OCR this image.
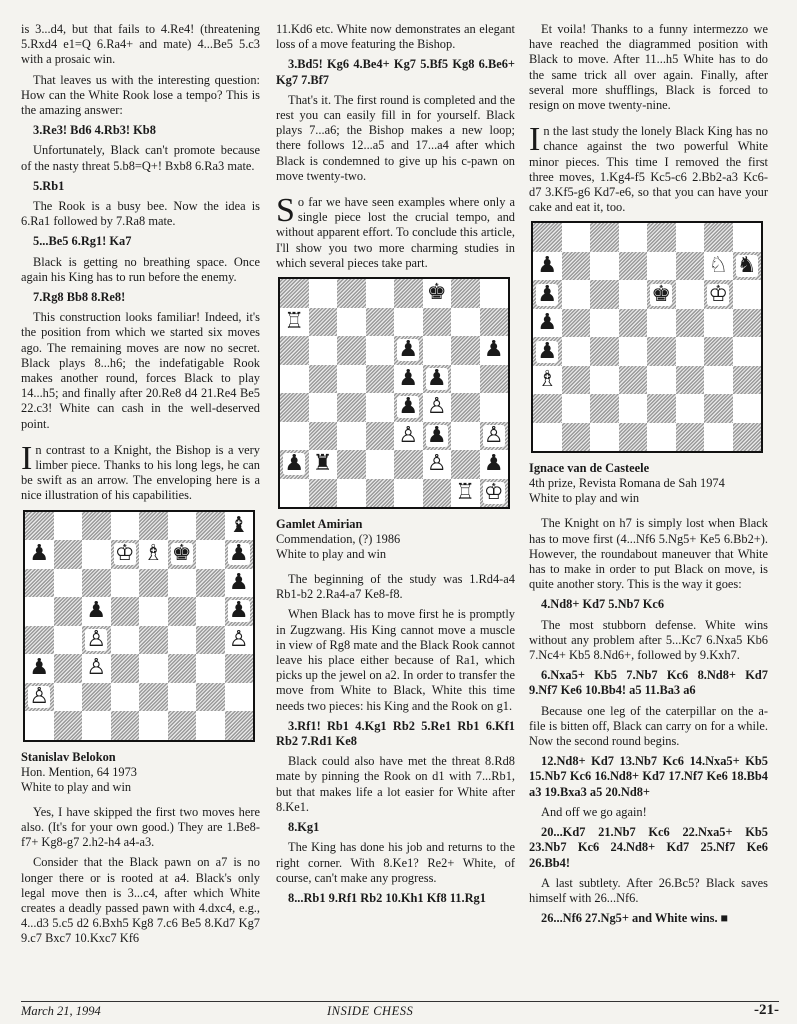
is 3...d4, but that fails to 4.Re4! (threatening 5.Rxd4 e1=Q 6.Ra4+ and mate) 4...Be5 5.c3 with a prosaic win.

That leaves us with the interesting question: How can the White Rook lose a tempo? This is the amazing answer:

3.Re3! Bd6 4.Rb3! Kb8

Unfortunately, Black can't promote because of the nasty threat 5.b8=Q+! Bxb8 6.Ra3 mate.

5.Rb1

The Rook is a busy bee. Now the idea is 6.Ra1 followed by 7.Ra8 mate.

5...Be5 6.Rg1! Ka7

Black is getting no breathing space. Once again his King has to run before the enemy.

7.Rg8 Bb8 8.Re8!

This construction looks familiar! Indeed, it's the position from which we started six moves ago. The remaining moves are now no secret. Black plays 8...h6; the indefatigable Rook makes another round, forces Black to play 14...h5; and finally after 20.Re8 d4 21.Re4 Be5 22.c3! White can cash in the well-deserved point.

In contrast to a Knight, the Bishop is a very limber piece. Thanks to his long legs, he can be swift as an arrow. The enveloping here is a nice illustration of his capabilities.

♝
♟	♔ ♗ ♚ ♟
♟
♟	♟
♙	♙
♟ ♙
♙
Stanislav Belokon
Hon. Mention, 64 1973
White to play and win

Yes, I have skipped the first two moves here also. (It's for your own good.) They are 1.Be8-f7+ Kg8-g7 2.h2-h4 a4-a3.

Consider that the Black pawn on a7 is no longer there or is rooted at a4. Black's only legal move then is 3...c4, after which White creates a deadly passed pawn with 4.dxc4, e.g., 4...d3 5.c5 d2 6.Bxh5 Kg8 7.c6 Be5 8.Kd7 Kg7 9.c7 Bxc7 10.Kxc7 Kf6

11.Kd6 etc. White now demonstrates an elegant loss of a move featuring the Bishop.

3.Bd5! Kg6 4.Be4+ Kg7 5.Bf5 Kg8 6.Be6+ Kg7 7.Bf7

That's it. The first round is completed and the rest you can easily fill in for yourself. Black plays 7...a6; the Bishop makes a new loop; there follows 12...a5 and 17...a4 after which Black is condemned to give up his c-pawn on move twenty-two.

So far we have seen examples where only a single piece lost the crucial tempo, and without apparent effort. To conclude this article, I'll show you two more charming studies in which several pieces take part.

♚
♖
♟	♟
♟ ♟
♟ ♙
♙ ♟ ♙
♟ ♜	♙ ♟
♖ ♔
Gamlet Amirian
Commendation, (?) 1986
White to play and win

The beginning of the study was 1.Rd4-a4 Rb1-b2 2.Ra4-a7 Ke8-f8.

When Black has to move first he is promptly in Zugzwang. His King cannot move a muscle in view of Rg8 mate and the Black Rook cannot leave his place either because of Ra1, which picks up the jewel on a2. In order to transfer the move from White to Black, White this time needs two pieces: his King and the Rook on g1.

3.Rf1! Rb1 4.Kg1 Rb2 5.Re1 Rb1 6.Kf1 Rb2 7.Rd1 Ke8

Black could also have met the threat 8.Rd8 mate by pinning the Rook on d1 with 7...Rb1, but that makes life a lot easier for White after 8.Ke1.

8.Kg1

The King has done his job and returns to the right corner. With 8.Ke1? Re2+ White, of course, can't make any progress.

8...Rb1 9.Rf1 Rb2 10.Kh1 Kf8 11.Rg1

Et voila! Thanks to a funny intermezzo we have reached the diagrammed position with Black to move. After 11...h5 White has to do the same trick all over again. Finally, after several more shufflings, Black is forced to resign on move twenty-nine.

In the last study the lonely Black King has no chance against the two powerful White minor pieces. This time I removed the first three moves, 1.Kg4-f5 Kc5-c6 2.Bb2-a3 Kc6-d7 3.Kf5-g6 Kd7-e6, so that you can have your cake and eat it, too.

♟	♘ ♞
♟	♚ ♔
♟
♟
♗
Ignace van de Casteele
4th prize, Revista Romana de Sah 1974
White to play and win

The Knight on h7 is simply lost when Black has to move first (4...Nf6 5.Ng5+ Ke5 6.Bb2+). However, the roundabout maneuver that White has to make in order to put Black on move, is quite another story. This is the way it goes:

4.Nd8+ Kd7 5.Nb7 Kc6

The most stubborn defense. White wins without any problem after 5...Kc7 6.Nxa5 Kb6 7.Nc4+ Kb5 8.Nd6+, followed by 9.Kxh7.

6.Nxa5+ Kb5 7.Nb7 Kc6 8.Nd8+ Kd7 9.Nf7 Ke6 10.Bb4! a5 11.Ba3 a6

Because one leg of the caterpillar on the a-file is bitten off, Black can carry on for a while. Now the second round begins.

12.Nd8+ Kd7 13.Nb7 Kc6 14.Nxa5+ Kb5 15.Nb7 Kc6 16.Nd8+ Kd7 17.Nf7 Ke6 18.Bb4 a3 19.Bxa3 a5 20.Nd8+

And off we go again!

20...Kd7 21.Nb7 Kc6 22.Nxa5+ Kb5 23.Nb7 Kc6 24.Nd8+ Kd7 25.Nf7 Ke6 26.Bb4!

A last subtlety. After 26.Bc5? Black saves himself with 26...Nf6.

26...Nf6 27.Ng5+ and White wins. ■

March 21, 1994	INSIDE CHESS	-21-
